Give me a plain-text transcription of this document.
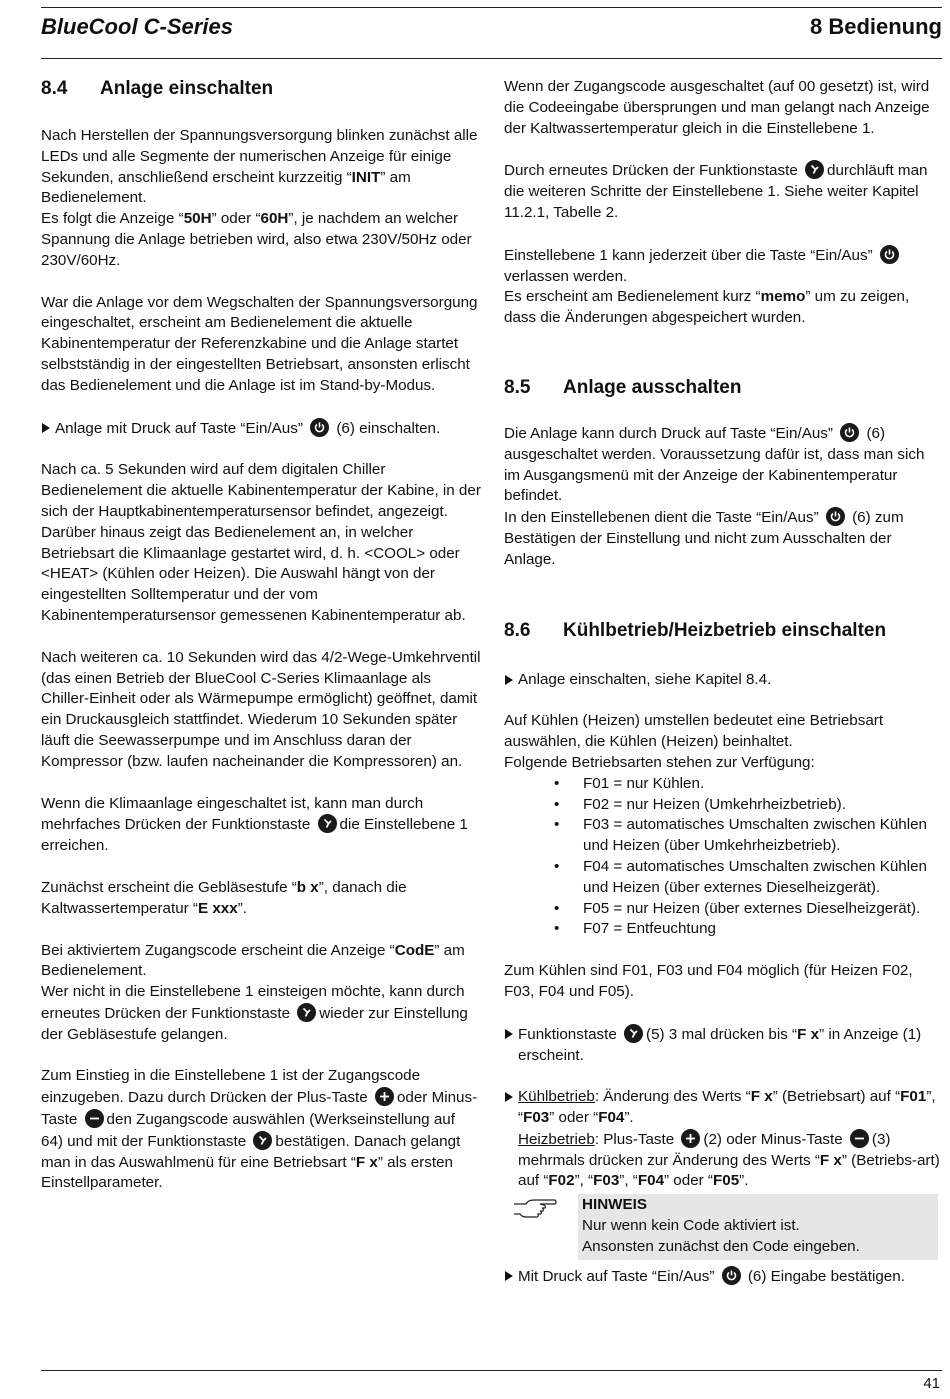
BlueCool C-Series	8 Bedienung
8.4 Anlage einschalten

Nach Herstellen der Spannungsversorgung blinken zunächst alle LEDs und alle Segmente der numerischen Anzeige für einige Sekunden, anschließend erscheint kurzzeitig “INIT” am Bedienelement.

Es folgt die Anzeige “50H” oder “60H”, je nachdem an welcher Spannung die Anlage betrieben wird, also etwa 230V/50Hz oder 230V/60Hz.

War die Anlage vor dem Wegschalten der Spannungsversorgung eingeschaltet, erscheint am Bedienelement die aktuelle Kabinentemperatur der Referenzkabine und die Anlage startet selbstständig in der eingestellten Betriebsart, ansonsten erlischt das Bedienelement und die Anlage ist im Stand-by-Modus.

Anlage mit Druck auf Taste “Ein/Aus” (6) einschalten.

Nach ca. 5 Sekunden wird auf dem digitalen Chiller Bedienelement die aktuelle Kabinentemperatur der Kabine, in der sich der Hauptkabinentemperatursensor befindet, angezeigt. Darüber hinaus zeigt das Bedienelement an, in welcher Betriebsart die Klimaanlage gestartet wird, d. h. <COOL> oder <HEAT> (Kühlen oder Heizen). Die Auswahl hängt von der eingestellten Solltemperatur und der vom Kabinentemperatursensor gemessenen Kabinentemperatur ab.

Nach weiteren ca. 10 Sekunden wird das 4/2-Wege-Umkehrventil (das einen Betrieb der BlueCool C-Series Klimaanlage als Chiller-Einheit oder als Wärmepumpe ermöglicht) geöffnet, damit ein Druckausgleich stattfindet. Wiederum 10 Sekunden später läuft die Seewasserpumpe und im Anschluss daran der Kompressor (bzw. laufen nacheinander die Kompressoren) an.

Wenn die Klimaanlage eingeschaltet ist, kann man durch mehrfaches Drücken der Funktionstaste die Einstellebene 1 erreichen.

Zunächst erscheint die Gebläsestufe “b x”, danach die Kaltwassertemperatur “E xxx”.

Bei aktiviertem Zugangscode erscheint die Anzeige “CodE” am Bedienelement.

Wer nicht in die Einstellebene 1 einsteigen möchte, kann durch erneutes Drücken der Funktionstaste wieder zur Einstellung der Gebläsestufe gelangen.

Zum Einstieg in die Einstellebene 1 ist der Zugangscode einzugeben. Dazu durch Drücken der Plus-Taste oder Minus-Taste den Zugangscode auswählen (Werkseinstellung auf 64) und mit der Funktionstaste bestätigen. Danach gelangt man in das Auswahlmenü für eine Betriebsart “F x” als ersten Einstellparameter.

Wenn der Zugangscode ausgeschaltet (auf 00 gesetzt) ist, wird die Codeeingabe übersprungen und man gelangt nach Anzeige der Kaltwassertemperatur gleich in die Einstellebene 1.

Durch erneutes Drücken der Funktionstaste durchläuft man die weiteren Schritte der Einstellebene 1. Siehe weiter Kapitel 11.2.1, Tabelle 2.

Einstellebene 1 kann jederzeit über die Taste “Ein/Aus”
verlassen werden.

Es erscheint am Bedienelement kurz “memo” um zu zeigen, dass die Änderungen abgespeichert wurden.

8.5 Anlage ausschalten

Die Anlage kann durch Druck auf Taste “Ein/Aus” (6) ausgeschaltet werden. Voraussetzung dafür ist, dass man sich im Ausgangsmenü mit der Anzeige der Kabinentemperatur befindet.

In den Einstellebenen dient die Taste “Ein/Aus” (6) zum Bestätigen der Einstellung und nicht zum Ausschalten der Anlage.

8.6 Kühlbetrieb/Heizbetrieb einschalten

Anlage einschalten, siehe Kapitel 8.4.

Auf Kühlen (Heizen) umstellen bedeutet eine Betriebsart auswählen, die Kühlen (Heizen) beinhaltet.

Folgende Betriebsarten stehen zur Verfügung:

• F01 = nur Kühlen.
• F02 = nur Heizen (Umkehrheizbetrieb).
• F03 = automatisches Umschalten zwischen Kühlen und Heizen (über Umkehrheizbetrieb).
• F04 = automatisches Umschalten zwischen Kühlen und Heizen (über externes Dieselheizgerät).
• F05 = nur Heizen (über externes Dieselheizgerät).
• F07 = Entfeuchtung

Zum Kühlen sind F01, F03 und F04 möglich (für Heizen F02, F03, F04 und F05).

Funktionstaste (5) 3 mal drücken bis “F x” in Anzeige (1) erscheint.

Kühlbetrieb: Änderung des Werts “F x” (Betriebsart) auf “F01”, “F03” oder “F04”.
Heizbetrieb: Plus-Taste (2) oder Minus-Taste (3) mehrmals drücken zur Änderung des Werts “F x” (Betriebs-art) auf “F02”, “F03”, “F04” oder “F05”.

HINWEIS
Nur wenn kein Code aktiviert ist.
Ansonsten zunächst den Code eingeben.

Mit Druck auf Taste “Ein/Aus” (6) Eingabe bestätigen.

41
